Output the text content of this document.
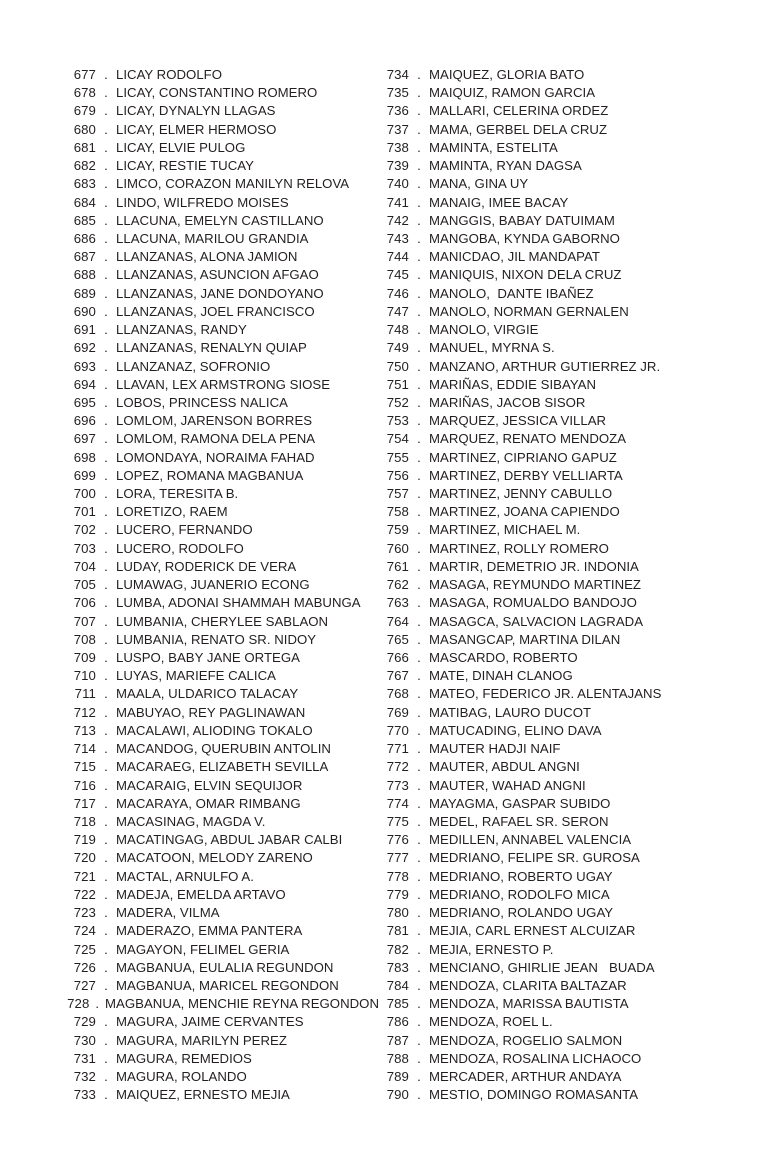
677 . LICAY RODOLFO
678 . LICAY, CONSTANTINO ROMERO
679 . LICAY, DYNALYN LLAGAS
680 . LICAY, ELMER HERMOSO
681 . LICAY, ELVIE PULOG
682 . LICAY, RESTIE TUCAY
683 . LIMCO, CORAZON MANILYN RELOVA
684 . LINDO, WILFREDO MOISES
685 . LLACUNA, EMELYN CASTILLANO
686 . LLACUNA, MARILOU GRANDIA
687 . LLANZANAS, ALONA JAMION
688 . LLANZANAS, ASUNCION AFGAO
689 . LLANZANAS, JANE DONDOYANO
690 . LLANZANAS, JOEL FRANCISCO
691 . LLANZANAS, RANDY
692 . LLANZANAS, RENALYN QUIAP
693 . LLANZANAZ, SOFRONIO
694 . LLAVAN, LEX ARMSTRONG SIOSE
695 . LOBOS, PRINCESS NALICA
696 . LOMLOM, JARENSON BORRES
697 . LOMLOM, RAMONA DELA PENA
698 . LOMONDAYA, NORAIMA FAHAD
699 . LOPEZ, ROMANA MAGBANUA
700 . LORA, TERESITA B.
701 . LORETIZO, RAEM
702 . LUCERO, FERNANDO
703 . LUCERO, RODOLFO
704 . LUDAY, RODERICK DE VERA
705 . LUMAWAG, JUANERIO ECONG
706 . LUMBA, ADONAI SHAMMAH MABUNGA
707 . LUMBANIA, CHERYLEE SABLAON
708 . LUMBANIA, RENATO SR. NIDOY
709 . LUSPO, BABY JANE ORTEGA
710 . LUYAS, MARIEFE CALICA
711 . MAALA, ULDARICO TALACAY
712 . MABUYAO, REY PAGLINAWAN
713 . MACALAWI, ALIODING TOKALO
714 . MACANDOG, QUERUBIN ANTOLIN
715 . MACARAEG, ELIZABETH SEVILLA
716 . MACARAIG, ELVIN SEQUIJOR
717 . MACARAYA, OMAR RIMBANG
718 . MACASINAG, MAGDA V.
719 . MACATINGAG, ABDUL JABAR CALBI
720 . MACATOON, MELODY ZARENO
721 . MACTAL, ARNULFO A.
722 . MADEJA, EMELDA ARTAVO
723 . MADERA, VILMA
724 . MADERAZO, EMMA PANTERA
725 . MAGAYON, FELIMEL GERIA
726 . MAGBANUA, EULALIA REGUNDON
727 . MAGBANUA, MARICEL REGONDON
728 . MAGBANUA, MENCHIE REYNA REGONDON
729 . MAGURA, JAIME CERVANTES
730 . MAGURA, MARILYN PEREZ
731 . MAGURA, REMEDIOS
732 . MAGURA, ROLANDO
733 . MAIQUEZ, ERNESTO MEJIA
734 . MAIQUEZ, GLORIA BATO
735 . MAIQUIZ, RAMON GARCIA
736 . MALLARI, CELERINA ORDEZ
737 . MAMA, GERBEL DELA CRUZ
738 . MAMINTA, ESTELITA
739 . MAMINTA, RYAN DAGSA
740 . MANA, GINA UY
741 . MANAIG, IMEE BACAY
742 . MANGGIS, BABAY DATUIMAM
743 . MANGOBA, KYNDA GABORNO
744 . MANICDAO, JIL MANDAPAT
745 . MANIQUIS, NIXON DELA CRUZ
746 . MANOLO,  DANTE IBAÑEZ
747 . MANOLO, NORMAN GERNALEN
748 . MANOLO, VIRGIE
749 . MANUEL, MYRNA S.
750 . MANZANO, ARTHUR GUTIERREZ JR.
751 . MARIÑAS, EDDIE SIBAYAN
752 . MARIÑAS, JACOB SISOR
753 . MARQUEZ, JESSICA VILLAR
754 . MARQUEZ, RENATO MENDOZA
755 . MARTINEZ, CIPRIANO GAPUZ
756 . MARTINEZ, DERBY VELLIARTA
757 . MARTINEZ, JENNY CABULLO
758 . MARTINEZ, JOANA CAPIENDO
759 . MARTINEZ, MICHAEL M.
760 . MARTINEZ, ROLLY ROMERO
761 . MARTIR, DEMETRIO JR. INDONIA
762 . MASAGA, REYMUNDO MARTINEZ
763 . MASAGA, ROMUALDO BANDOJO
764 . MASAGCA, SALVACION LAGRADA
765 . MASANGCAP, MARTINA DILAN
766 . MASCARDO, ROBERTO
767 . MATE, DINAH CLANOG
768 . MATEO, FEDERICO JR. ALENTAJANS
769 . MATIBAG, LAURO DUCOT
770 . MATUCADING, ELINO DAVA
771 . MAUTER HADJI NAIF
772 . MAUTER, ABDUL ANGNI
773 . MAUTER, WAHAD ANGNI
774 . MAYAGMA, GASPAR SUBIDO
775 . MEDEL, RAFAEL SR. SERON
776 . MEDILLEN, ANNABEL VALENCIA
777 . MEDRIANO, FELIPE SR. GUROSA
778 . MEDRIANO, ROBERTO UGAY
779 . MEDRIANO, RODOLFO MICA
780 . MEDRIANO, ROLANDO UGAY
781 . MEJIA, CARL ERNEST ALCUIZAR
782 . MEJIA, ERNESTO P.
783 . MENCIANO, GHIRLIE JEAN   BUADA
784 . MENDOZA, CLARITA BALTAZAR
785 . MENDOZA, MARISSA BAUTISTA
786 . MENDOZA, ROEL L.
787 . MENDOZA, ROGELIO SALMON
788 . MENDOZA, ROSALINA LICHAOCO
789 . MERCADER, ARTHUR ANDAYA
790 . MESTIO, DOMINGO ROMASANTA
